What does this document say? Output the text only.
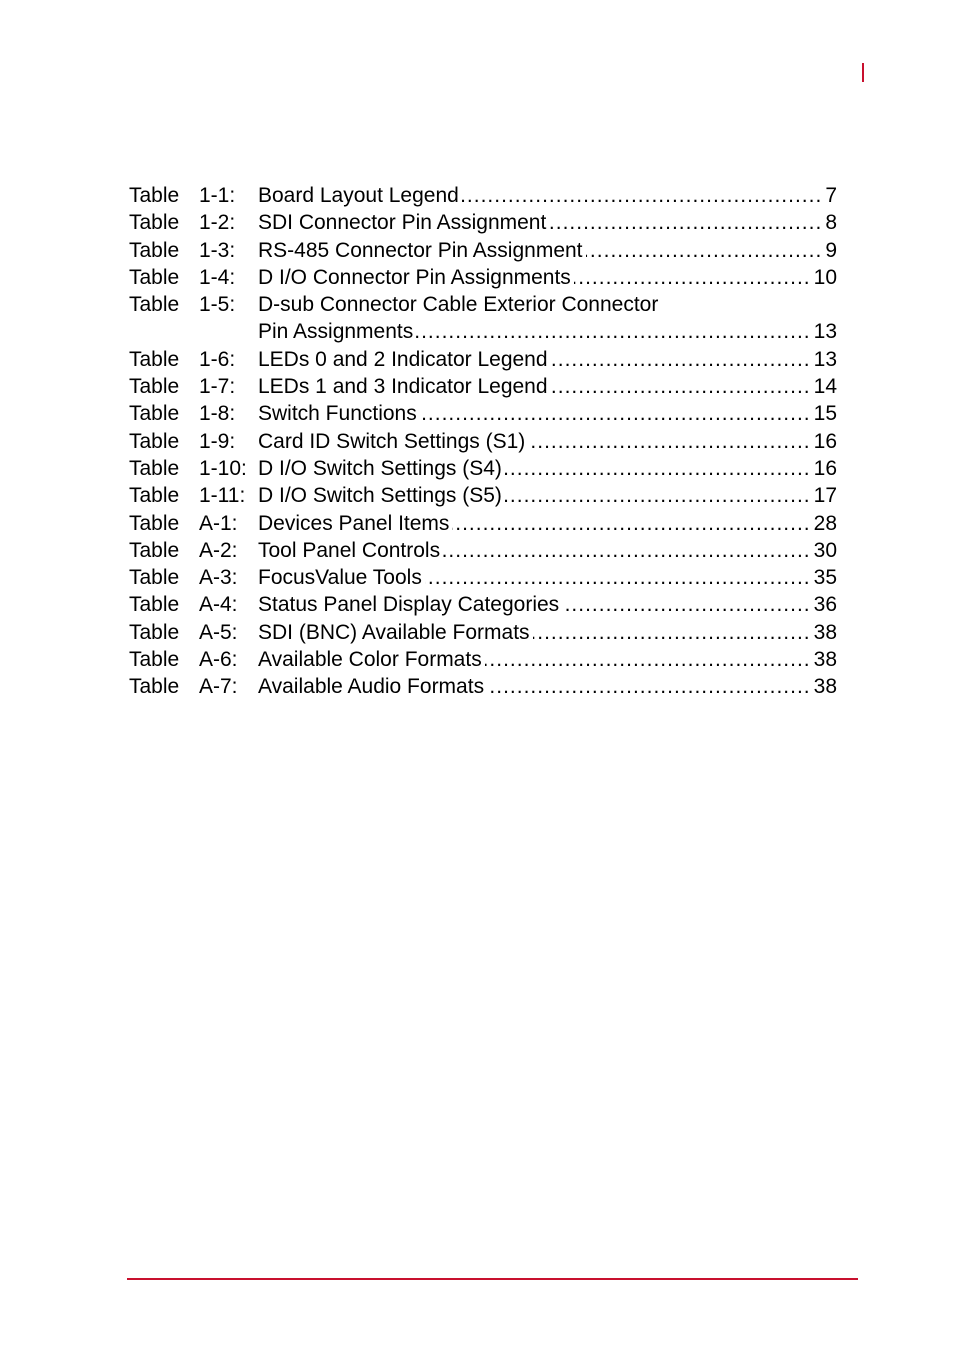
Table 1-1:	Board Layout Legend .....	7
Table 1-2:	SDI Connector Pin Assignment .....	8
Table 1-3:	RS-485 Connector Pin Assignment .....	9
Table 1-4:	D I/O Connector Pin Assignments .....	10
Table 1-5:	D-sub Connector Cable Exterior Connector
Pin Assignments .....	13
Table 1-6:	LEDs 0 and 2 Indicator Legend .....	13
Table 1-7:	LEDs 1 and 3 Indicator Legend .....	14
Table 1-8:	Switch Functions .....	15
Table 1-9:	Card ID Switch Settings (S1) .....	16
Table 1-10: D I/O Switch Settings (S4) .....	16
Table 1-11: D I/O Switch Settings (S5) .....	17
Table A-1: Devices Panel Items .....	28
Table A-2: Tool Panel Controls .....	30
Table A-3: FocusValue Tools .....	35
Table A-4: Status Panel Display Categories .....	36
Table A-5: SDI (BNC) Available Formats .....	38
Table A-6: Available Color Formats .....	38
Table A-7: Available Audio Formats .....	38
